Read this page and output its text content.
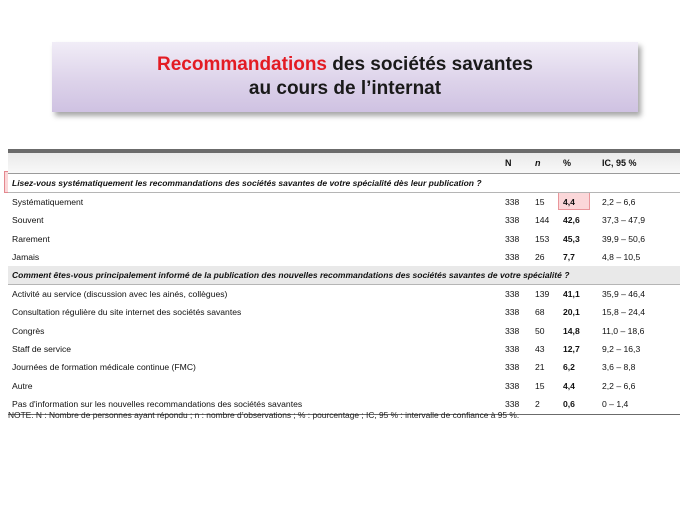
Recommandations des sociétés savantes
au cours de l’internat
N	n	%	IC, 95 %
Lisez-vous systématiquement les recommandations des sociétés savantes de votre spécialité dès leur publication ?
Systématiquement	338 15 4,4	2,2 – 6,6
Souvent	338 144 42,6	37,3 – 47,9
Rarement	338 153 45,3	39,9 – 50,6
Jamais	338 26 7,7	4,8 – 10,5
Comment êtes-vous principalement informé de la publication des nouvelles recommandations des sociétés savantes de votre spécialité ?
Activité au service (discussion avec les ainés, collègues)	338 139 41,1	35,9 – 46,4
Consultation régulière du site internet des sociétés savantes	338 68 20,1	15,8 – 24,4
Congrès	338 50 14,8	11,0 – 18,6
Staff de service	338 43 12,7	9,2 – 16,3
Journées de formation médicale continue (FMC)	338 21 6,2	3,6 – 8,8
Autre	338 15 4,4	2,2 – 6,6
Pas d'information sur les nouvelles recommandations des sociétés savantes	338 2	0,6	0 – 1,4
NOTE. N : Nombre de personnes ayant répondu ; n : nombre d’observations ; % : pourcentage ; IC, 95 % : intervalle de confiance à 95 %.
